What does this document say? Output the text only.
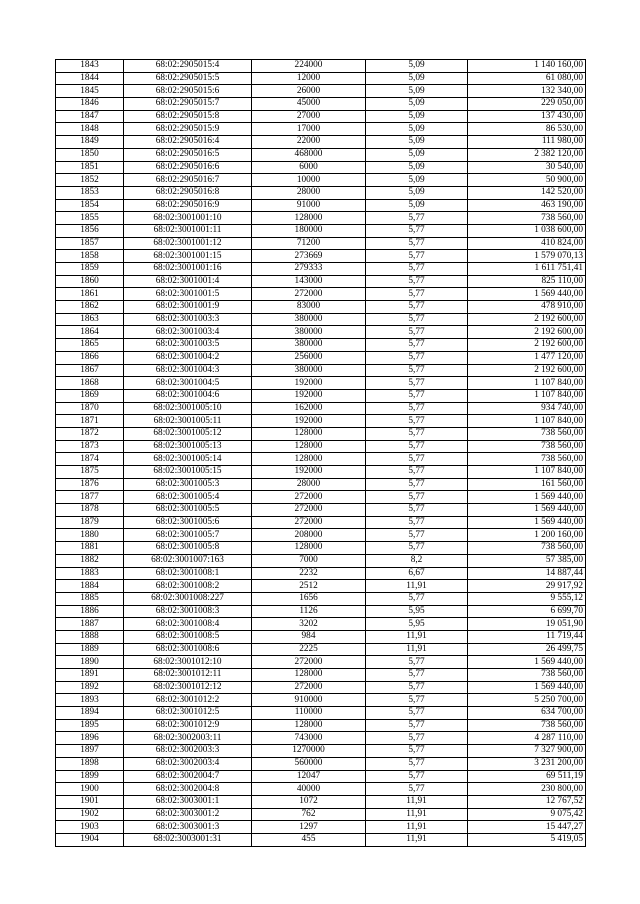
1843	68:02:2905015:4	224000	5,09	1 140 160,00
1844	68:02:2905015:5	12000	5,09	61 080,00
1845	68:02:2905015:6	26000	5,09	132 340,00
1846	68:02:2905015:7	45000	5,09	229 050,00
1847	68:02:2905015:8	27000	5,09	137 430,00
1848	68:02:2905015:9	17000	5,09	86 530,00
1849	68:02:2905016:4	22000	5,09	111 980,00
1850	68:02:2905016:5	468000	5,09	2 382 120,00
1851	68:02:2905016:6	6000	5,09	30 540,00
1852	68:02:2905016:7	10000	5,09	50 900,00
1853	68:02:2905016:8	28000	5,09	142 520,00
1854	68:02:2905016:9	91000	5,09	463 190,00
1855	68:02:3001001:10	128000	5,77	738 560,00
1856	68:02:3001001:11	180000	5,77	1 038 600,00
1857	68:02:3001001:12	71200	5,77	410 824,00
1858	68:02:3001001:15	273669	5,77	1 579 070,13
1859	68:02:3001001:16	279333	5,77	1 611 751,41
1860	68:02:3001001:4	143000	5,77	825 110,00
1861	68:02:3001001:5	272000	5,77	1 569 440,00
1862	68:02:3001001:9	83000	5,77	478 910,00
1863	68:02:3001003:3	380000	5,77	2 192 600,00
1864	68:02:3001003:4	380000	5,77	2 192 600,00
1865	68:02:3001003:5	380000	5,77	2 192 600,00
1866	68:02:3001004:2	256000	5,77	1 477 120,00
1867	68:02:3001004:3	380000	5,77	2 192 600,00
1868	68:02:3001004:5	192000	5,77	1 107 840,00
1869	68:02:3001004:6	192000	5,77	1 107 840,00
1870	68:02:3001005:10	162000	5,77	934 740,00
1871	68:02:3001005:11	192000	5,77	1 107 840,00
1872	68:02:3001005:12	128000	5,77	738 560,00
1873	68:02:3001005:13	128000	5,77	738 560,00
1874	68:02:3001005:14	128000	5,77	738 560,00
1875	68:02:3001005:15	192000	5,77	1 107 840,00
1876	68:02:3001005:3	28000	5,77	161 560,00
1877	68:02:3001005:4	272000	5,77	1 569 440,00
1878	68:02:3001005:5	272000	5,77	1 569 440,00
1879	68:02:3001005:6	272000	5,77	1 569 440,00
1880	68:02:3001005:7	208000	5,77	1 200 160,00
1881	68:02:3001005:8	128000	5,77	738 560,00
1882	68:02:3001007:163	7000	8,2	57 385,00
1883	68:02:3001008:1	2232	6,67	14 887,44
1884	68:02:3001008:2	2512	11,91	29 917,92
1885	68:02:3001008:227	1656	5,77	9 555,12
1886	68:02:3001008:3	1126	5,95	6 699,70
1887	68:02:3001008:4	3202	5,95	19 051,90
1888	68:02:3001008:5	984	11,91	11 719,44
1889	68:02:3001008:6	2225	11,91	26 499,75
1890	68:02:3001012:10	272000	5,77	1 569 440,00
1891	68:02:3001012:11	128000	5,77	738 560,00
1892	68:02:3001012:12	272000	5,77	1 569 440,00
1893	68:02:3001012:2	910000	5,77	5 250 700,00
1894	68:02:3001012:5	110000	5,77	634 700,00
1895	68:02:3001012:9	128000	5,77	738 560,00
1896	68:02:3002003:11	743000	5,77	4 287 110,00
1897	68:02:3002003:3	1270000	5,77	7 327 900,00
1898	68:02:3002003:4	560000	5,77	3 231 200,00
1899	68:02:3002004:7	12047	5,77	69 511,19
1900	68:02:3002004:8	40000	5,77	230 800,00
1901	68:02:3003001:1	1072	11,91	12 767,52
1902	68:02:3003001:2	762	11,91	9 075,42
1903	68:02:3003001:3	1297	11,91	15 447,27
1904	68:02:3003001:31	455	11,91	5 419,05
